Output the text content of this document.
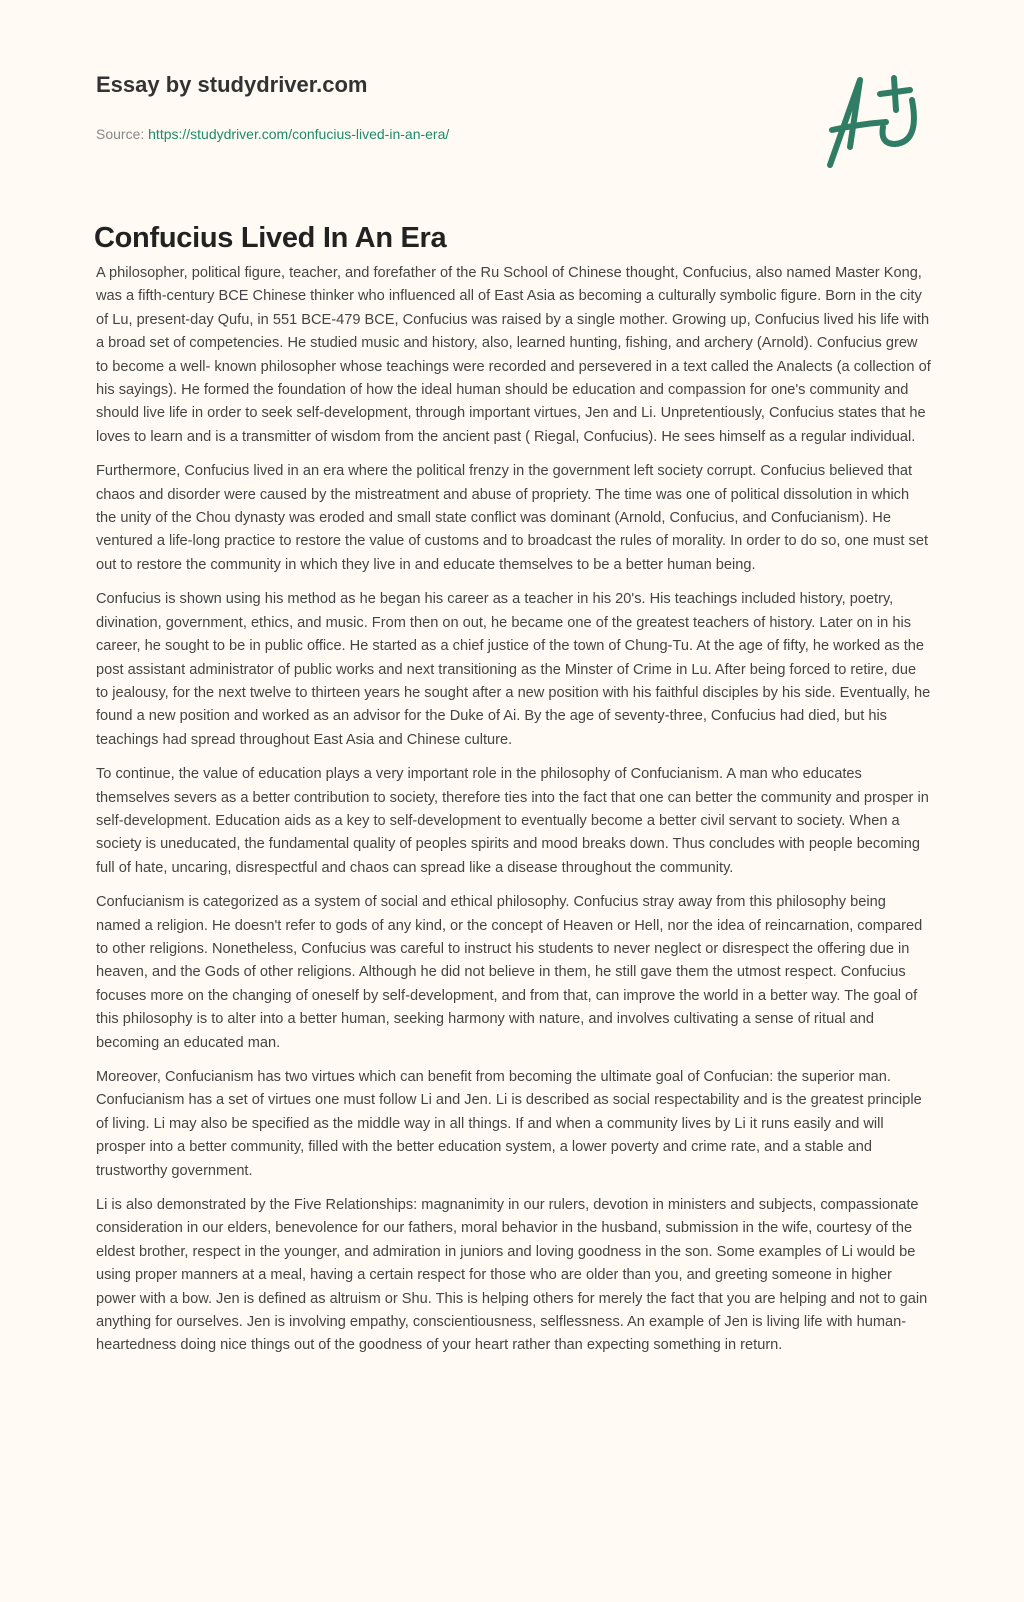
Essay by studydriver.com
Source: https://studydriver.com/confucius-lived-in-an-era/
Confucius Lived In An Era

A philosopher, political figure, teacher, and forefather of the Ru School of Chinese thought, Confucius, also named Master Kong, was a fifth-century BCE Chinese thinker who influenced all of East Asia as becoming a culturally symbolic figure. Born in the city of Lu, present-day Qufu, in 551 BCE-479 BCE, Confucius was raised by a single mother. Growing up, Confucius lived his life with a broad set of competencies. He studied music and history, also, learned hunting, fishing, and archery (Arnold). Confucius grew to become a well- known philosopher whose teachings were recorded and persevered in a text called the Analects (a collection of his sayings). He formed the foundation of how the ideal human should be education and compassion for one's community and should live life in order to seek self-development, through important virtues, Jen and Li. Unpretentiously, Confucius states that he loves to learn and is a transmitter of wisdom from the ancient past ( Riegal, Confucius). He sees himself as a regular individual.

Furthermore, Confucius lived in an era where the political frenzy in the government left society corrupt. Confucius believed that chaos and disorder were caused by the mistreatment and abuse of propriety. The time was one of political dissolution in which the unity of the Chou dynasty was eroded and small state conflict was dominant (Arnold, Confucius, and Confucianism). He ventured a life-long practice to restore the value of customs and to broadcast the rules of morality. In order to do so, one must set out to restore the community in which they live in and educate themselves to be a better human being.

Confucius is shown using his method as he began his career as a teacher in his 20's. His teachings included history, poetry, divination, government, ethics, and music. From then on out, he became one of the greatest teachers of history. Later on in his career, he sought to be in public office. He started as a chief justice of the town of Chung-Tu. At the age of fifty, he worked as the post assistant administrator of public works and next transitioning as the Minster of Crime in Lu. After being forced to retire, due to jealousy, for the next twelve to thirteen years he sought after a new position with his faithful disciples by his side. Eventually, he found a new position and worked as an advisor for the Duke of Ai. By the age of seventy-three, Confucius had died, but his teachings had spread throughout East Asia and Chinese culture.

To continue, the value of education plays a very important role in the philosophy of Confucianism. A man who educates themselves severs as a better contribution to society, therefore ties into the fact that one can better the community and prosper in self-development. Education aids as a key to self-development to eventually become a better civil servant to society. When a society is uneducated, the fundamental quality of peoples spirits and mood breaks down. Thus concludes with people becoming full of hate, uncaring, disrespectful and chaos can spread like a disease throughout the community.

Confucianism is categorized as a system of social and ethical philosophy. Confucius stray away from this philosophy being named a religion. He doesn't refer to gods of any kind, or the concept of Heaven or Hell, nor the idea of reincarnation, compared to other religions. Nonetheless, Confucius was careful to instruct his students to never neglect or disrespect the offering due in heaven, and the Gods of other religions. Although he did not believe in them, he still gave them the utmost respect. Confucius focuses more on the changing of oneself by self-development, and from that, can improve the world in a better way. The goal of this philosophy is to alter into a better human, seeking harmony with nature, and involves cultivating a sense of ritual and becoming an educated man.

Moreover, Confucianism has two virtues which can benefit from becoming the ultimate goal of Confucian: the superior man. Confucianism has a set of virtues one must follow Li and Jen. Li is described as social respectability and is the greatest principle of living. Li may also be specified as the middle way in all things. If and when a community lives by Li it runs easily and will prosper into a better community, filled with the better education system, a lower poverty and crime rate, and a stable and trustworthy government.

Li is also demonstrated by the Five Relationships: magnanimity in our rulers, devotion in ministers and subjects, compassionate consideration in our elders, benevolence for our fathers, moral behavior in the husband, submission in the wife, courtesy of the eldest brother, respect in the younger, and admiration in juniors and loving goodness in the son. Some examples of Li would be using proper manners at a meal, having a certain respect for those who are older than you, and greeting someone in higher power with a bow. Jen is defined as altruism or Shu. This is helping others for merely the fact that you are helping and not to gain anything for ourselves. Jen is involving empathy, conscientiousness, selflessness. An example of Jen is living life with human-heartedness doing nice things out of the goodness of your heart rather than expecting something in return.
